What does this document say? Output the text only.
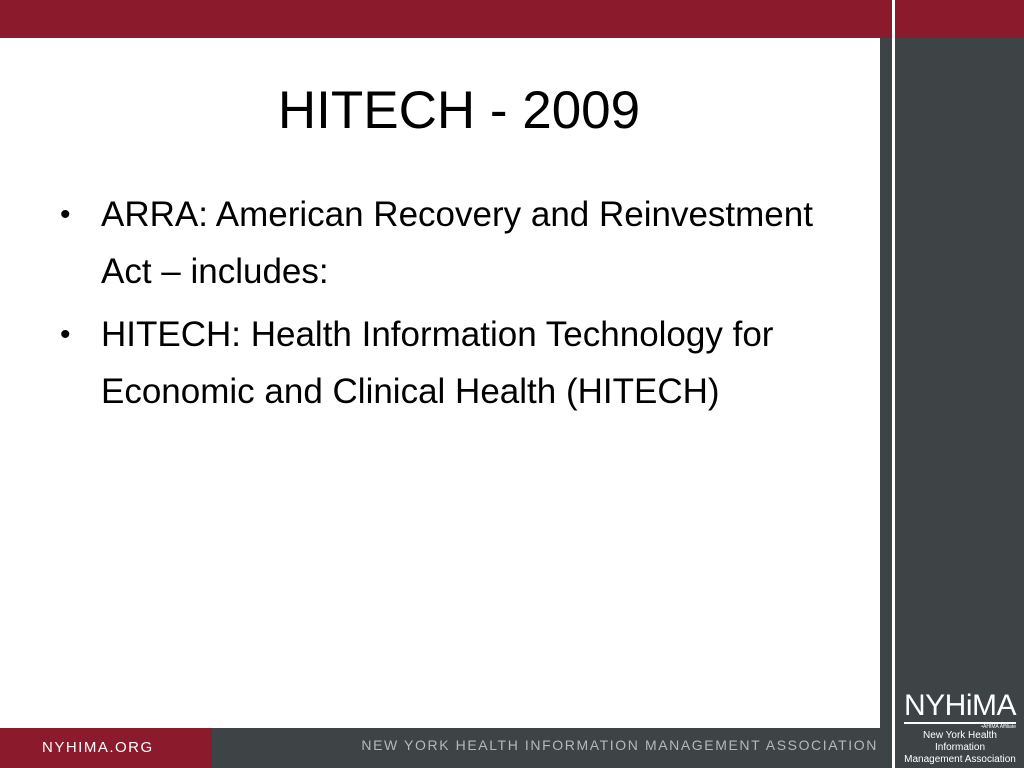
HITECH - 2009
• ARRA: American Recovery and Reinvestment Act – includes:
• HITECH: Health Information Technology for Economic and Clinical Health (HITECH)
NYHIMA.ORG	NEW YORK HEALTH INFORMATION MANAGEMENT ASSOCIATION
NYHiMA
•AHIMA Affiliate
New York Health Information
Management Association
